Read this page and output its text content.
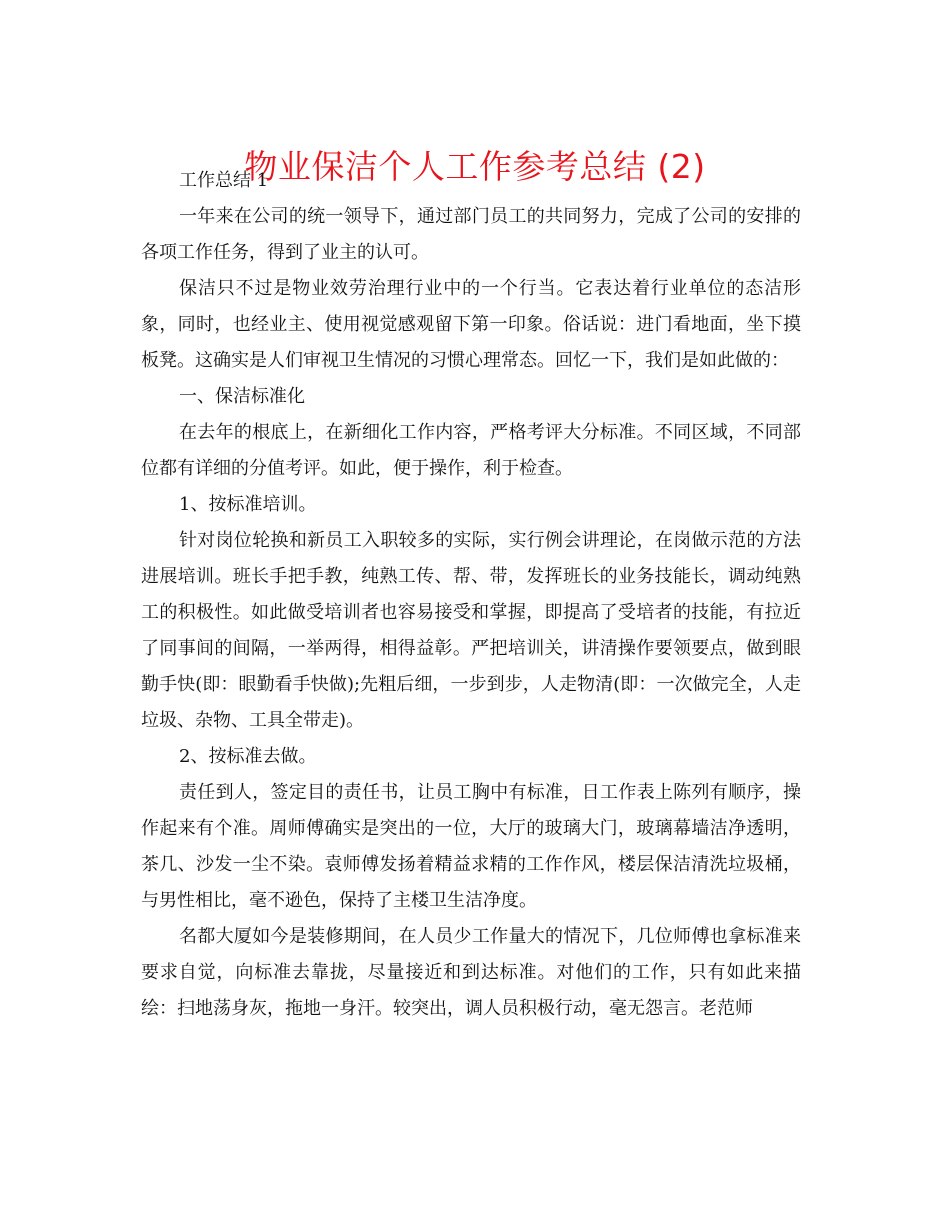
物业保洁个人工作参考总结 (2)

工作总结 1

一年来在公司的统一领导下，通过部门员工的共同努力，完成了公司的安排的各项工作任务，得到了业主的认可。

保洁只不过是物业效劳治理行业中的一个行当。它表达着行业单位的态洁形象，同时，也经业主、使用视觉感观留下第一印象。俗话说：进门看地面，坐下摸板凳。这确实是人们审视卫生情况的习惯心理常态。回忆一下，我们是如此做的：

一、保洁标准化

在去年的根底上，在新细化工作内容，严格考评大分标准。不同区域，不同部位都有详细的分值考评。如此，便于操作，利于检查。

1、按标准培训。

针对岗位轮换和新员工入职较多的实际，实行例会讲理论，在岗做示范的方法进展培训。班长手把手教，纯熟工传、帮、带，发挥班长的业务技能长，调动纯熟工的积极性。如此做受培训者也容易接受和掌握，即提高了受培者的技能，有拉近了同事间的间隔，一举两得，相得益彰。严把培训关，讲清操作要领要点，做到眼勤手快(即：眼勤看手快做);先粗后细，一步到步，人走物清(即：一次做完全，人走垃圾、杂物、工具全带走)。

2、按标准去做。

责任到人，签定目的责任书，让员工胸中有标准，日工作表上陈列有顺序，操作起来有个准。周师傅确实是突出的一位，大厅的玻璃大门，玻璃幕墙洁净透明，茶几、沙发一尘不染。袁师傅发扬着精益求精的工作作风，楼层保洁清洗垃圾桶，与男性相比，毫不逊色，保持了主楼卫生洁净度。

名都大厦如今是装修期间，在人员少工作量大的情况下，几位师傅也拿标准来要求自觉，向标准去靠拢，尽量接近和到达标准。对他们的工作，只有如此来描绘：扫地荡身灰，拖地一身汗。较突出，调人员积极行动，毫无怨言。老范师
